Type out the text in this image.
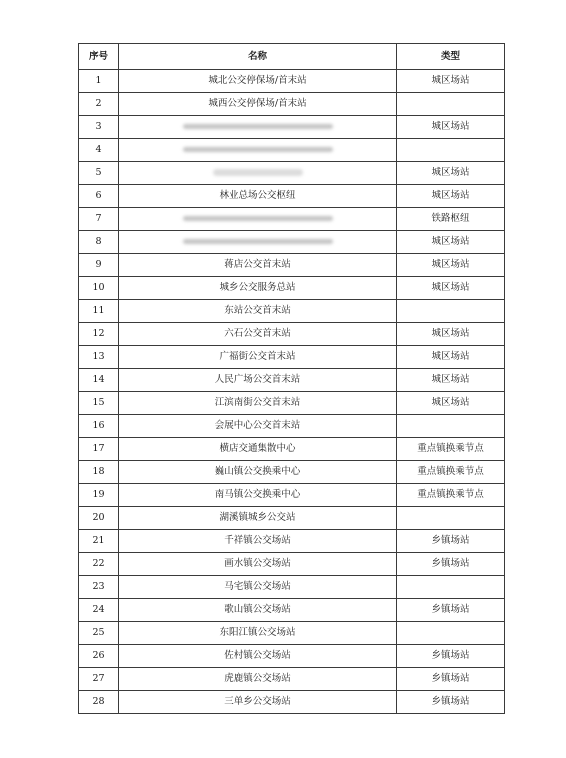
序号	名称	类型
1	城北公交停保场/首末站	城区场站
2	城西公交停保场/首末站	
3		城区场站
4		
5		城区场站
6	林业总场公交枢纽	城区场站
7		铁路枢纽
8		城区场站
9	蒋店公交首末站	城区场站
10	城乡公交服务总站	城区场站
11	东站公交首末站	
12	六石公交首末站	城区场站
13	广福街公交首末站	城区场站
14	人民广场公交首末站	城区场站
15	江滨南街公交首末站	城区场站
16	会展中心公交首末站	
17	横店交通集散中心	重点镇换乘节点
18	巍山镇公交换乘中心	重点镇换乘节点
19	南马镇公交换乘中心	重点镇换乘节点
20	湖溪镇城乡公交站	
21	千祥镇公交场站	乡镇场站
22	画水镇公交场站	乡镇场站
23	马宅镇公交场站	
24	歌山镇公交场站	乡镇场站
25	东阳江镇公交场站	
26	佐村镇公交场站	乡镇场站
27	虎鹿镇公交场站	乡镇场站
28	三单乡公交场站	乡镇场站
